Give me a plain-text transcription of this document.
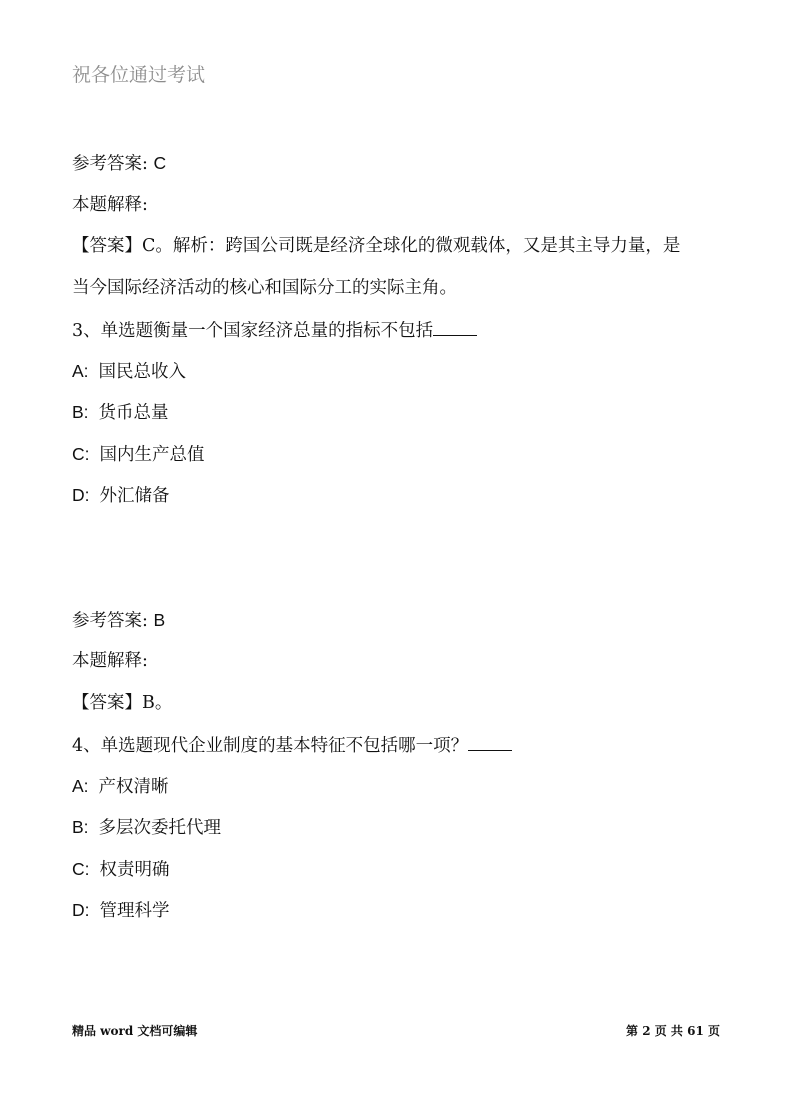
祝各位通过考试
参考答案: C
本题解释:
【答案】C。解析：跨国公司既是经济全球化的微观载体，又是其主导力量，是
当今国际经济活动的核心和国际分工的实际主角。
3、单选题衡量一个国家经济总量的指标不包括
A: 国民总收入
B: 货币总量
C: 国内生产总值
D: 外汇储备
参考答案: B
本题解释:
【答案】B。
4、单选题现代企业制度的基本特征不包括哪一项？
A: 产权清晰
B: 多层次委托代理
C: 权责明确
D: 管理科学
精品 word 文档可编辑	第 2 页 共 61 页
